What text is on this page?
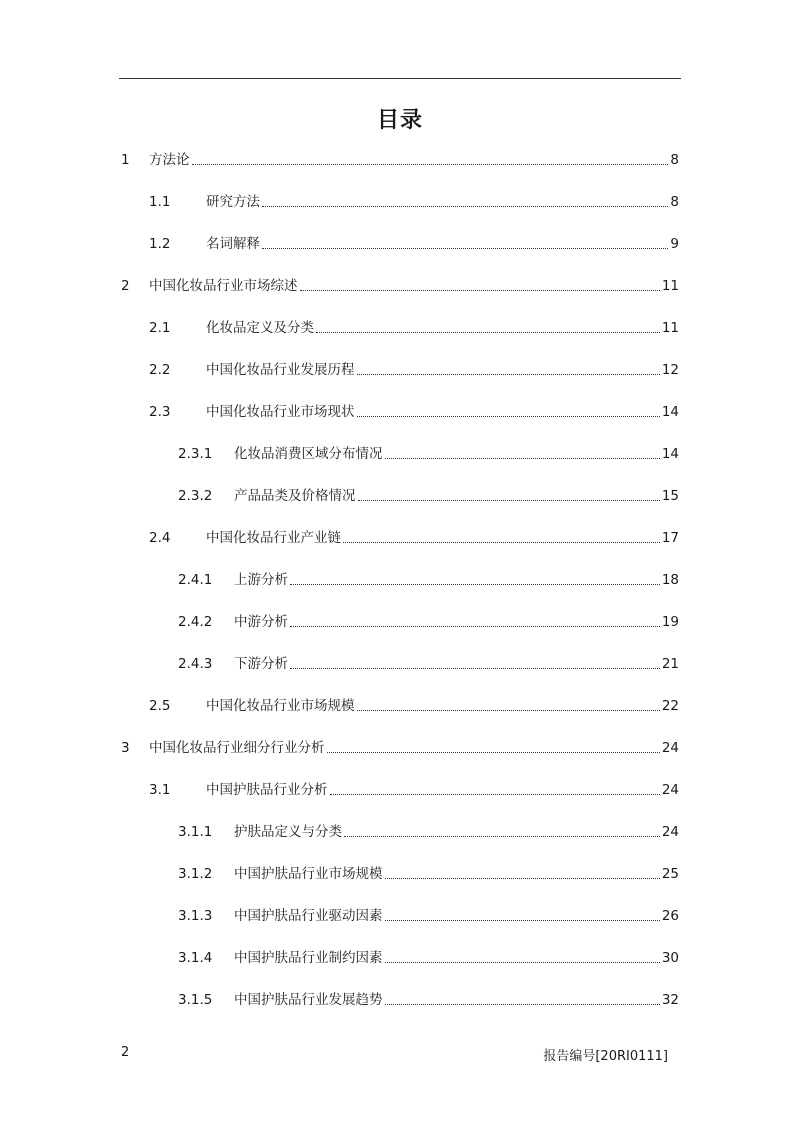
目录
1	方法论	8
1.1	研究方法	8
1.2	名词解释	9
2	中国化妆品行业市场综述	11
2.1	化妆品定义及分类	11
2.2	中国化妆品行业发展历程	12
2.3	中国化妆品行业市场现状	14
2.3.1	化妆品消费区域分布情况	14
2.3.2	产品品类及价格情况	15
2.4	中国化妆品行业产业链	17
2.4.1	上游分析	18
2.4.2	中游分析	19
2.4.3	下游分析	21
2.5	中国化妆品行业市场规模	22
3	中国化妆品行业细分行业分析	24
3.1	中国护肤品行业分析	24
3.1.1	护肤品定义与分类	24
3.1.2	中国护肤品行业市场规模	25
3.1.3	中国护肤品行业驱动因素	26
3.1.4	中国护肤品行业制约因素	30
3.1.5	中国护肤品行业发展趋势	32
2	报告编号[20RI0111]
